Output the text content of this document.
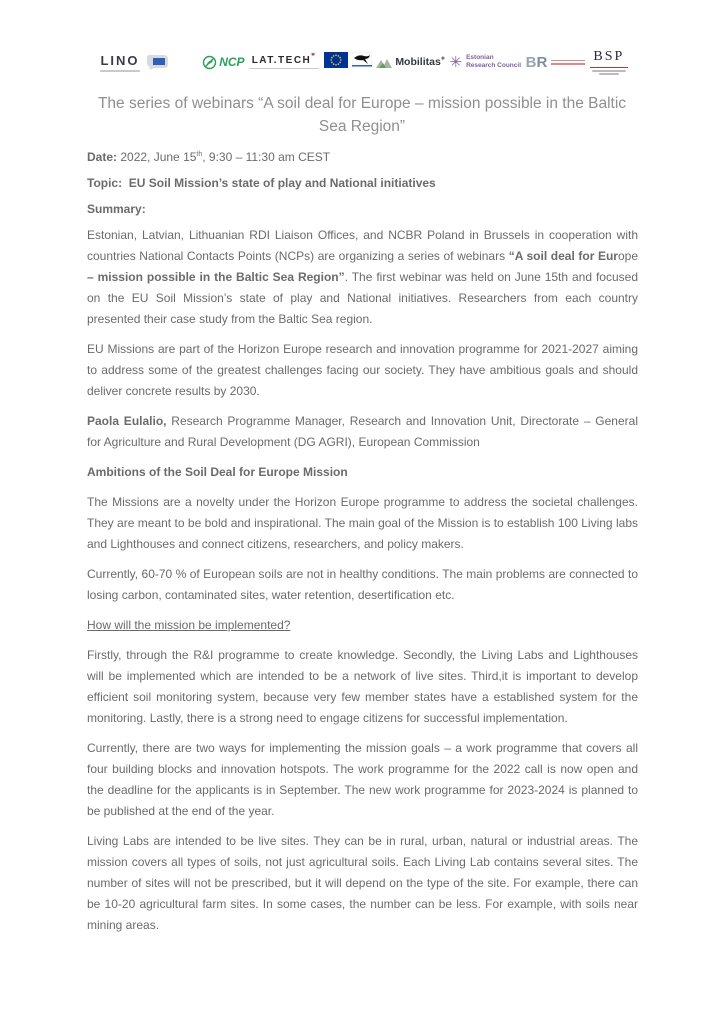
LINO	NCP LAT.TECH❞	Mobilitas+ ✳ Estonian
Research Council BR	BSP
The series of webinars “A soil deal for Europe – mission possible in the Baltic Sea Region”

Date: 2022, June 15th, 9:30 – 11:30 am CEST

Topic:  EU Soil Mission’s state of play and National initiatives

Summary:

Estonian, Latvian, Lithuanian RDI Liaison Offices, and NCBR Poland in Brussels in cooperation with countries National Contacts Points (NCPs) are organizing a series of webinars “A soil deal for Europe – mission possible in the Baltic Sea Region”. The first webinar was held on June 15th and focused on the EU Soil Mission’s state of play and National initiatives. Researchers from each country presented their case study from the Baltic Sea region.

EU Missions are part of the Horizon Europe research and innovation programme for 2021-2027 aiming to address some of the greatest challenges facing our society. They have ambitious goals and should deliver concrete results by 2030.

Paola Eulalio, Research Programme Manager, Research and Innovation Unit, Directorate – General for Agriculture and Rural Development (DG AGRI), European Commission

Ambitions of the Soil Deal for Europe Mission

The Missions are a novelty under the Horizon Europe programme to address the societal challenges. They are meant to be bold and inspirational. The main goal of the Mission is to establish 100 Living labs and Lighthouses and connect citizens, researchers, and policy makers.

Currently, 60-70 % of European soils are not in healthy conditions. The main problems are connected to losing carbon, contaminated sites, water retention, desertification etc.

How will the mission be implemented?

Firstly, through the R&I programme to create knowledge. Secondly, the Living Labs and Lighthouses will be implemented which are intended to be a network of live sites. Third,it is important to develop efficient soil monitoring system, because very few member states have a established system for the monitoring. Lastly, there is a strong need to engage citizens for successful implementation.

Currently, there are two ways for implementing the mission goals – a work programme that covers all four building blocks and innovation hotspots. The work programme for the 2022 call is now open and the deadline for the applicants is in September. The new work programme for 2023-2024 is planned to be published at the end of the year.

Living Labs are intended to be live sites. They can be in rural, urban, natural or industrial areas. The mission covers all types of soils, not just agricultural soils. Each Living Lab contains several sites. The number of sites will not be prescribed, but it will depend on the type of the site. For example, there can be 10-20 agricultural farm sites. In some cases, the number can be less. For example, with soils near mining areas.
